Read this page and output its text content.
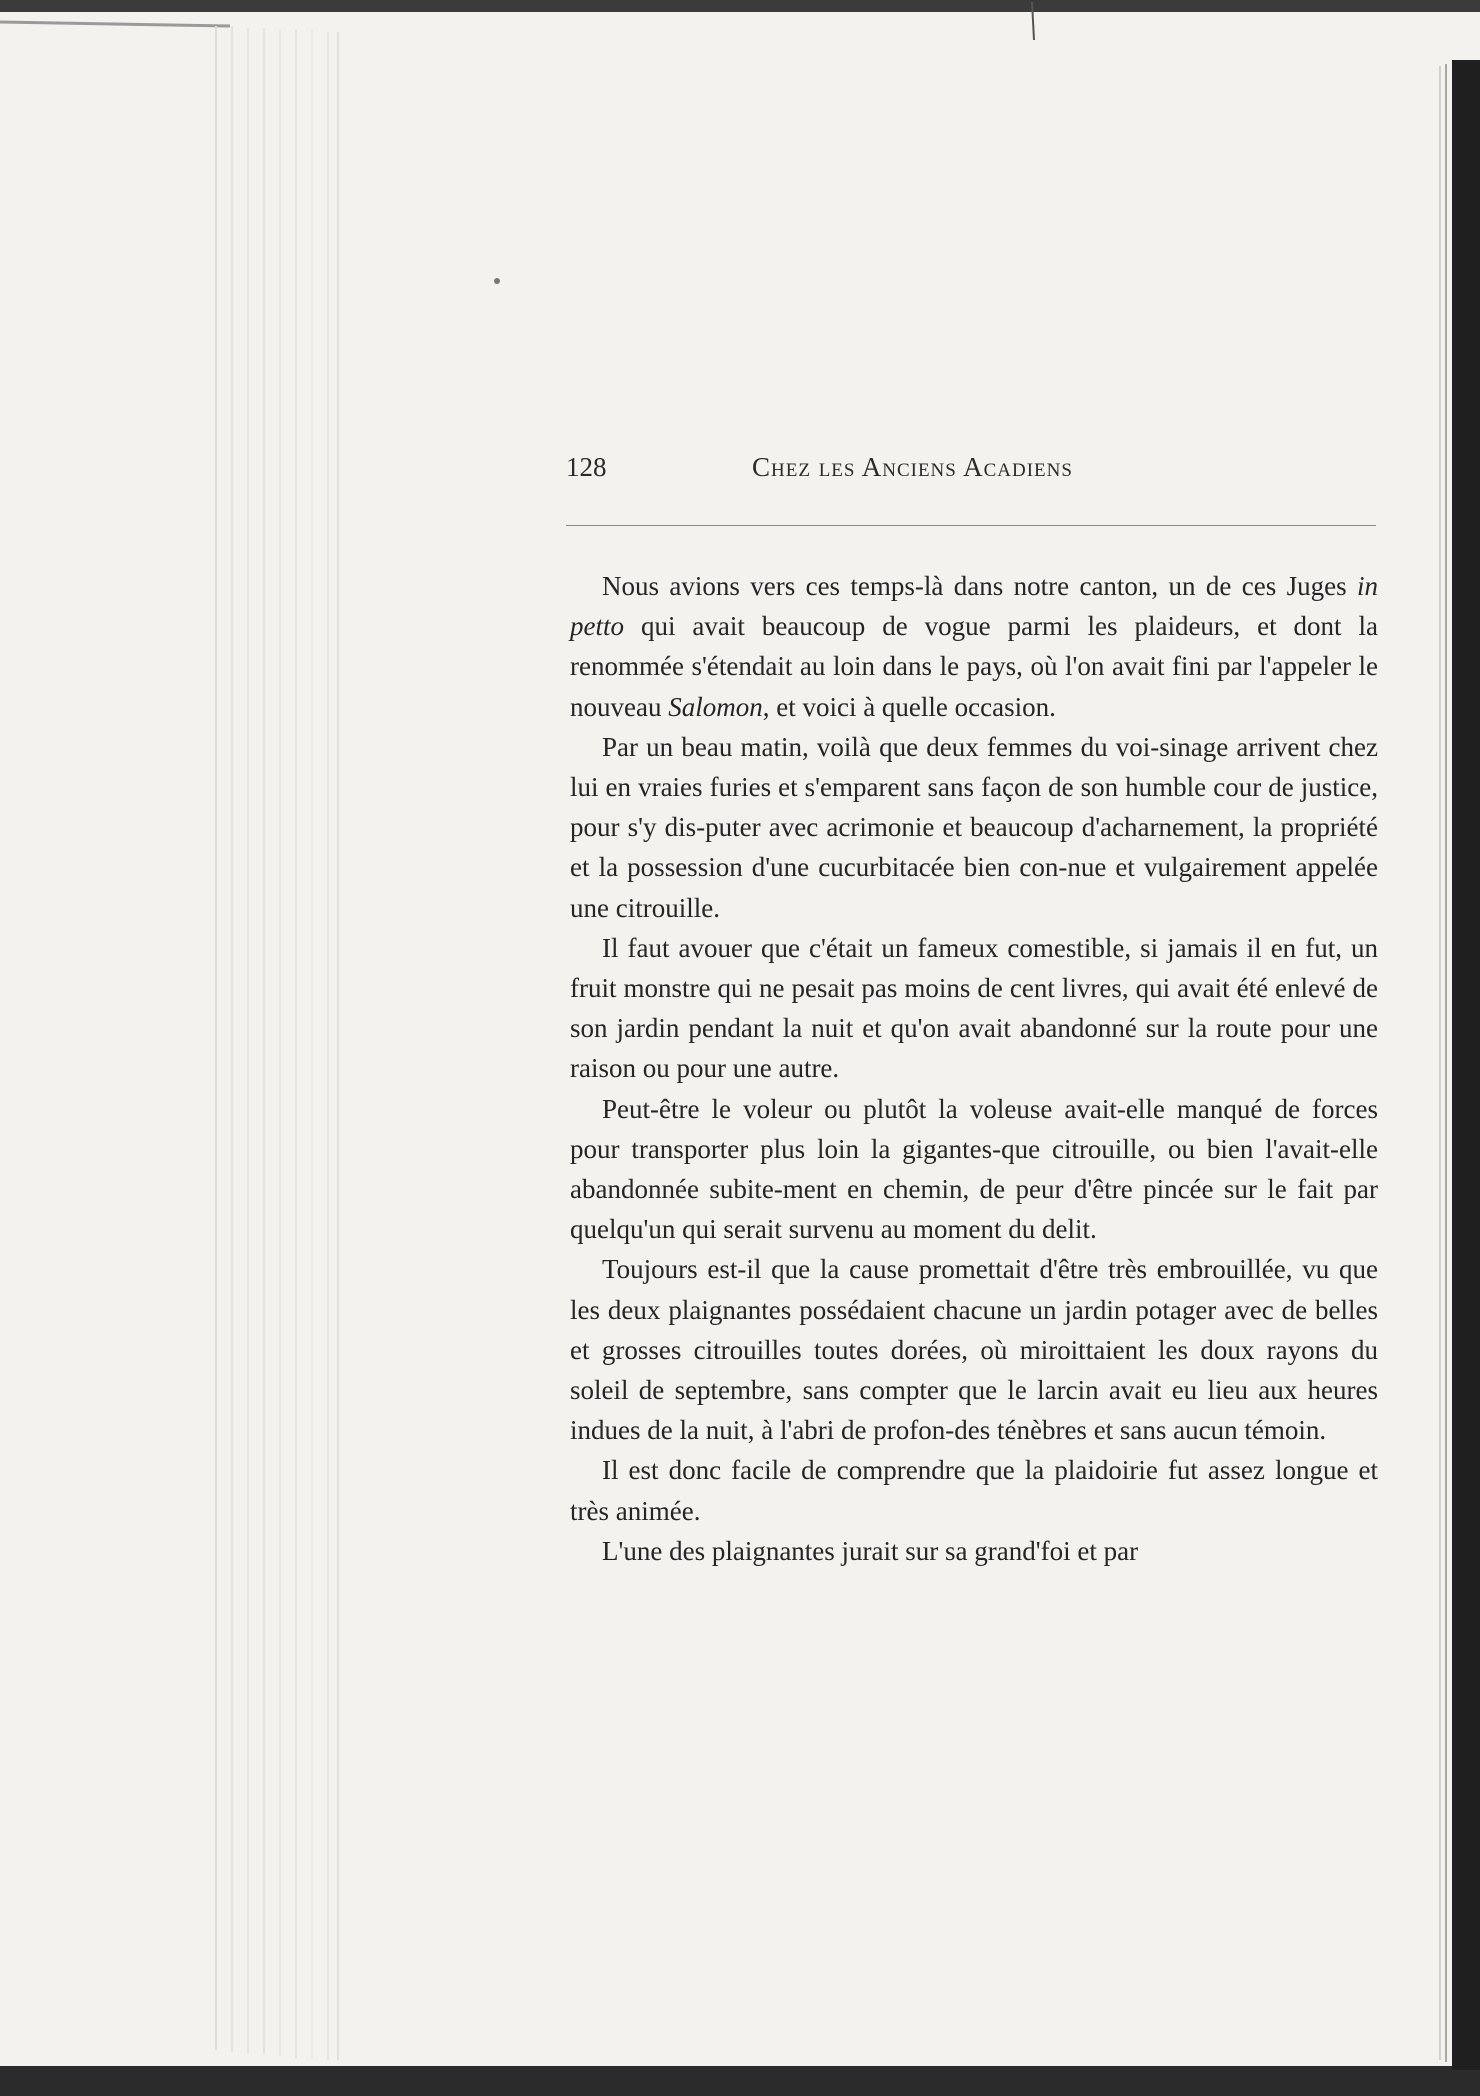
128	Chez les Anciens Acadiens

Nous avions vers ces temps-là dans notre canton, un de ces Juges in petto qui avait beaucoup de vogue parmi les plaideurs, et dont la renommée s'étendait au loin dans le pays, où l'on avait fini par l'appeler le nouveau Salomon, et voici à quelle occasion.

Par un beau matin, voilà que deux femmes du voi-sinage arrivent chez lui en vraies furies et s'emparent sans façon de son humble cour de justice, pour s'y dis-puter avec acrimonie et beaucoup d'acharnement, la propriété et la possession d'une cucurbitacée bien con-nue et vulgairement appelée une citrouille.

Il faut avouer que c'était un fameux comestible, si jamais il en fut, un fruit monstre qui ne pesait pas moins de cent livres, qui avait été enlevé de son jardin pendant la nuit et qu'on avait abandonné sur la route pour une raison ou pour une autre.

Peut-être le voleur ou plutôt la voleuse avait-elle manqué de forces pour transporter plus loin la gigantes-que citrouille, ou bien l'avait-elle abandonnée subite-ment en chemin, de peur d'être pincée sur le fait par quelqu'un qui serait survenu au moment du delit.

Toujours est-il que la cause promettait d'être très embrouillée, vu que les deux plaignantes possédaient chacune un jardin potager avec de belles et grosses citrouilles toutes dorées, où miroittaient les doux rayons du soleil de septembre, sans compter que le larcin avait eu lieu aux heures indues de la nuit, à l'abri de profon-des ténèbres et sans aucun témoin.

Il est donc facile de comprendre que la plaidoirie fut assez longue et très animée.

L'une des plaignantes jurait sur sa grand'foi et par
